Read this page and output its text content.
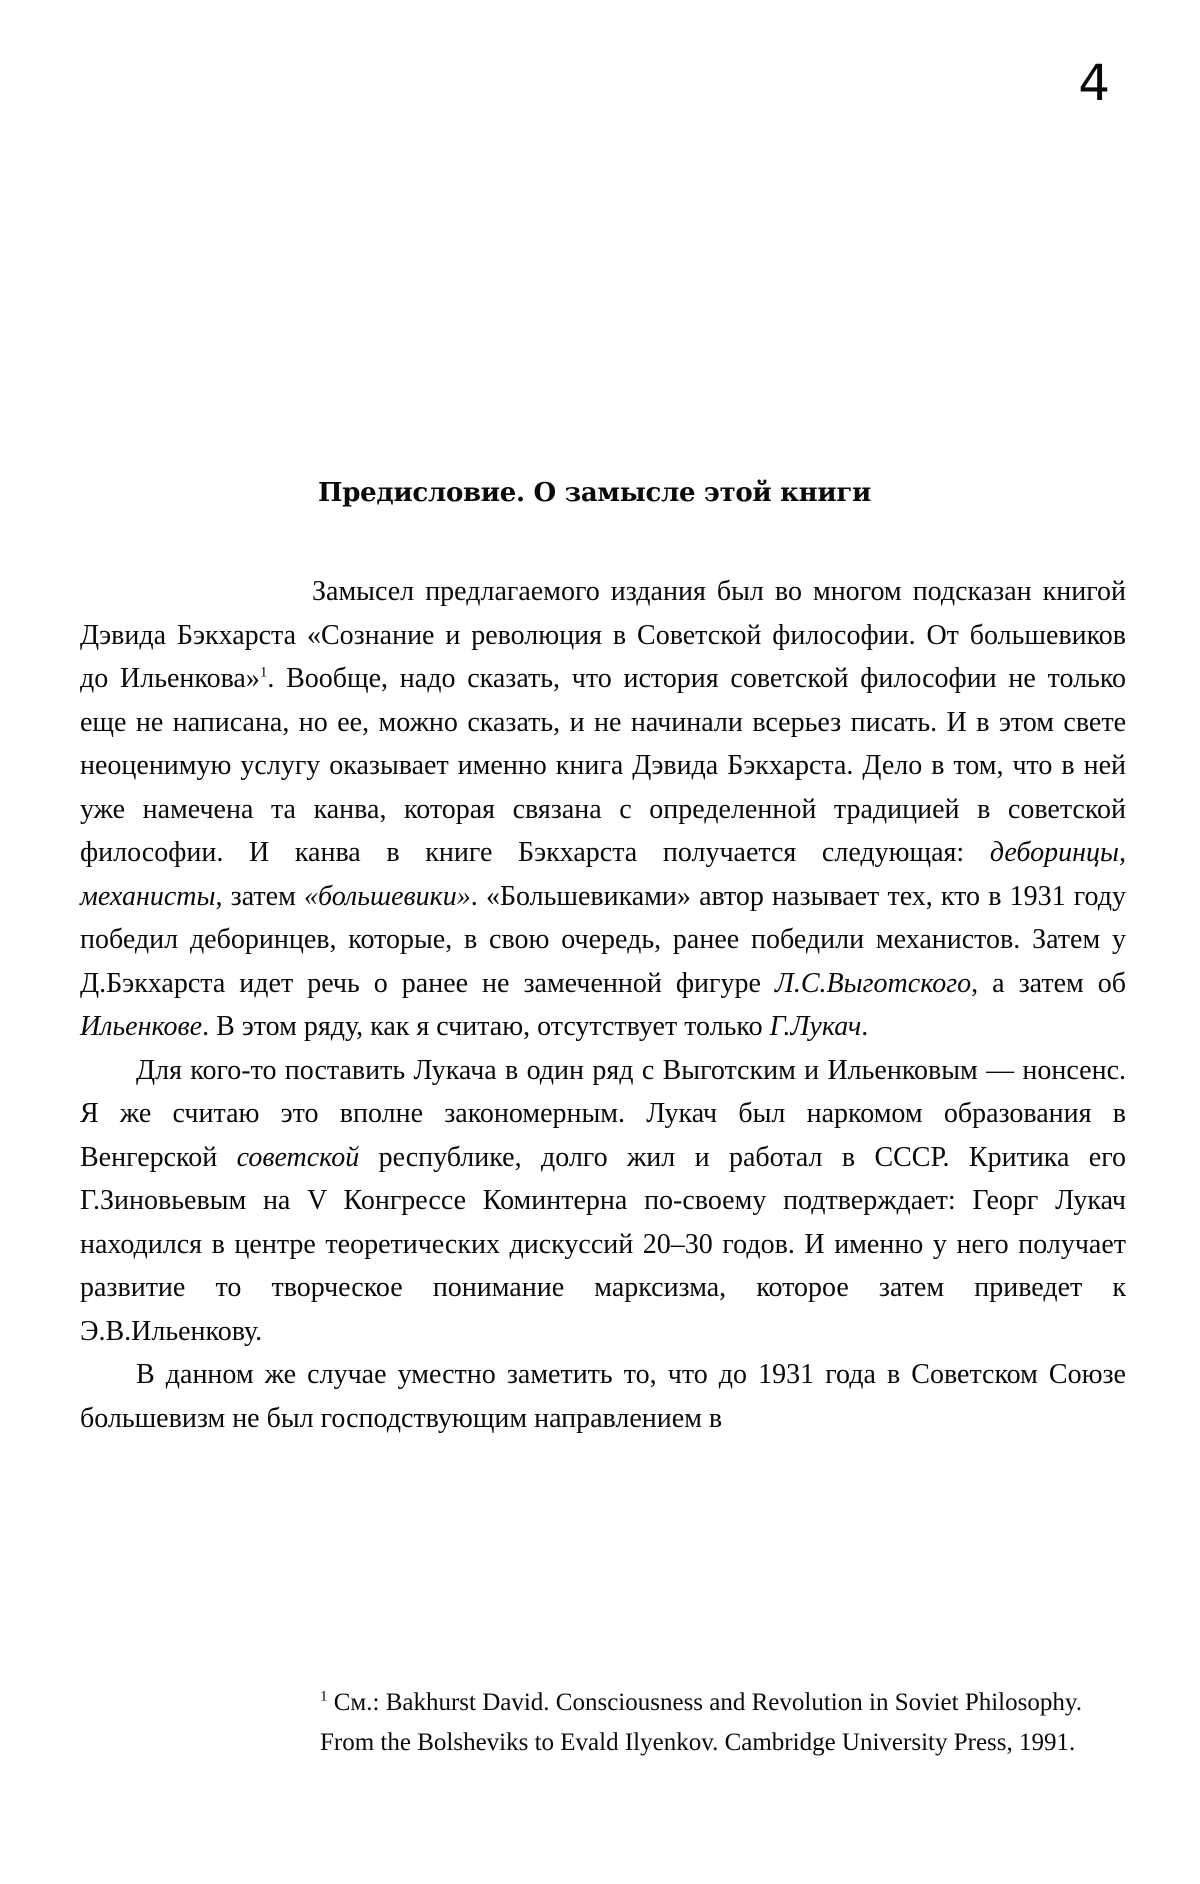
4
Предисловие. О замысле этой книги

Замысел предлагаемого издания был во многом подсказан книгой Дэвида Бэкхарста «Сознание и революция в Советской философии. От большевиков до Ильенкова»$^1$. Вообще, надо сказать, что история советской философии не только еще не написана, но ее, можно сказать, и не начинали всерьез писать. И в этом свете неоценимую услугу оказывает именно книга Дэвида Бэкхарста. Дело в том, что в ней уже намечена та канва, которая связана с определенной традицией в советской философии. И канва в книге Бэкхарста получается следующая: деборинцы, механисты, затем «большевики». «Большевиками» автор называет тех, кто в 1931 году победил деборинцев, которые, в свою очередь, ранее победили механистов. Затем у Д.Бэкхарста идет речь о ранее не замеченной фигуре Л.С.Выготского, а затем об Ильенкове. В этом ряду, как я считаю, отсутствует только Г.Лукач.

Для кого-то поставить Лукача в один ряд с Выготским и Ильенковым — нонсенс. Я же считаю это вполне закономерным. Лукач был наркомом образования в Венгерской советской республике, долго жил и работал в СССР. Критика его Г.Зиновьевым на V Конгрессе Коминтерна по-своему подтверждает: Георг Лукач находился в центре теоретических дискуссий 20–30 годов. И именно у него получает развитие то творческое понимание марксизма, которое затем приведет к Э.В.Ильенкову.

В данном же случае уместно заметить то, что до 1931 года в Советском Союзе большевизм не был господствующим направлением в

$^1$ См.: Bakhurst David. Consciousness and Revolution in Soviet Philosophy. From the Bolsheviks to Evald Ilyenkov. Cambridge University Press, 1991.
